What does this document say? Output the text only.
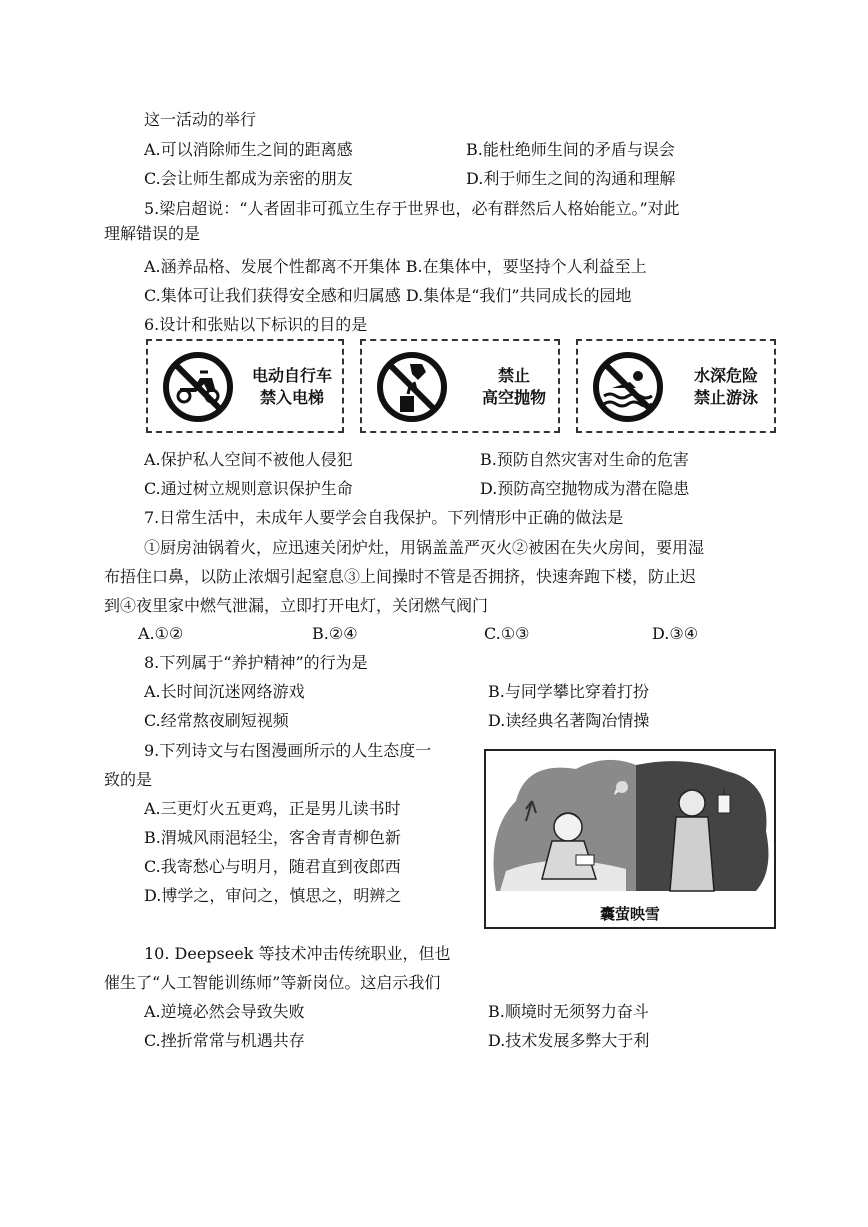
这一活动的举行
A.可以消除师生之间的距离感	B.能杜绝师生间的矛盾与误会
C.会让师生都成为亲密的朋友	D.利于师生之间的沟通和理解
5.梁启超说：“人者固非可孤立生存于世界也，必有群然后人格始能立。”对此
理解错误的是
A.涵养品格、发展个性都离不开集体 B.在集体中，要坚持个人利益至上
C.集体可让我们获得安全感和归属感 D.集体是“我们”共同成长的园地
6.设计和张贴以下标识的目的是
电动自行车
禁入电梯
禁止
高空抛物
水深危险
禁止游泳
A.保护私人空间不被他人侵犯	B.预防自然灾害对生命的危害
C.通过树立规则意识保护生命	D.预防高空抛物成为潜在隐患
7.日常生活中，未成年人要学会自我保护。下列情形中正确的做法是
①厨房油锅着火，应迅速关闭炉灶，用锅盖盖严灭火②被困在失火房间，要用湿
布捂住口鼻，以防止浓烟引起窒息③上间操时不管是否拥挤，快速奔跑下楼，防止迟
到④夜里家中燃气泄漏，立即打开电灯，关闭燃气阀门
A.①②	B.②④	C.①③	D.③④
8.下列属于“养护精神”的行为是
A.长时间沉迷网络游戏	B.与同学攀比穿着打扮
C.经常熬夜刷短视频	D.读经典名著陶冶情操
9.下列诗文与右图漫画所示的人生态度一
致的是
A.三更灯火五更鸡，正是男儿读书时
B.渭城风雨浥轻尘，客舍青青柳色新
C.我寄愁心与明月，随君直到夜郎西
D.博学之，审问之，慎思之，明辨之
囊萤映雪
10. Deepseek 等技术冲击传统职业，但也
催生了“人工智能训练师”等新岗位。这启示我们
A.逆境必然会导致失败	B.顺境时无须努力奋斗
C.挫折常常与机遇共存	D.技术发展多弊大于利
